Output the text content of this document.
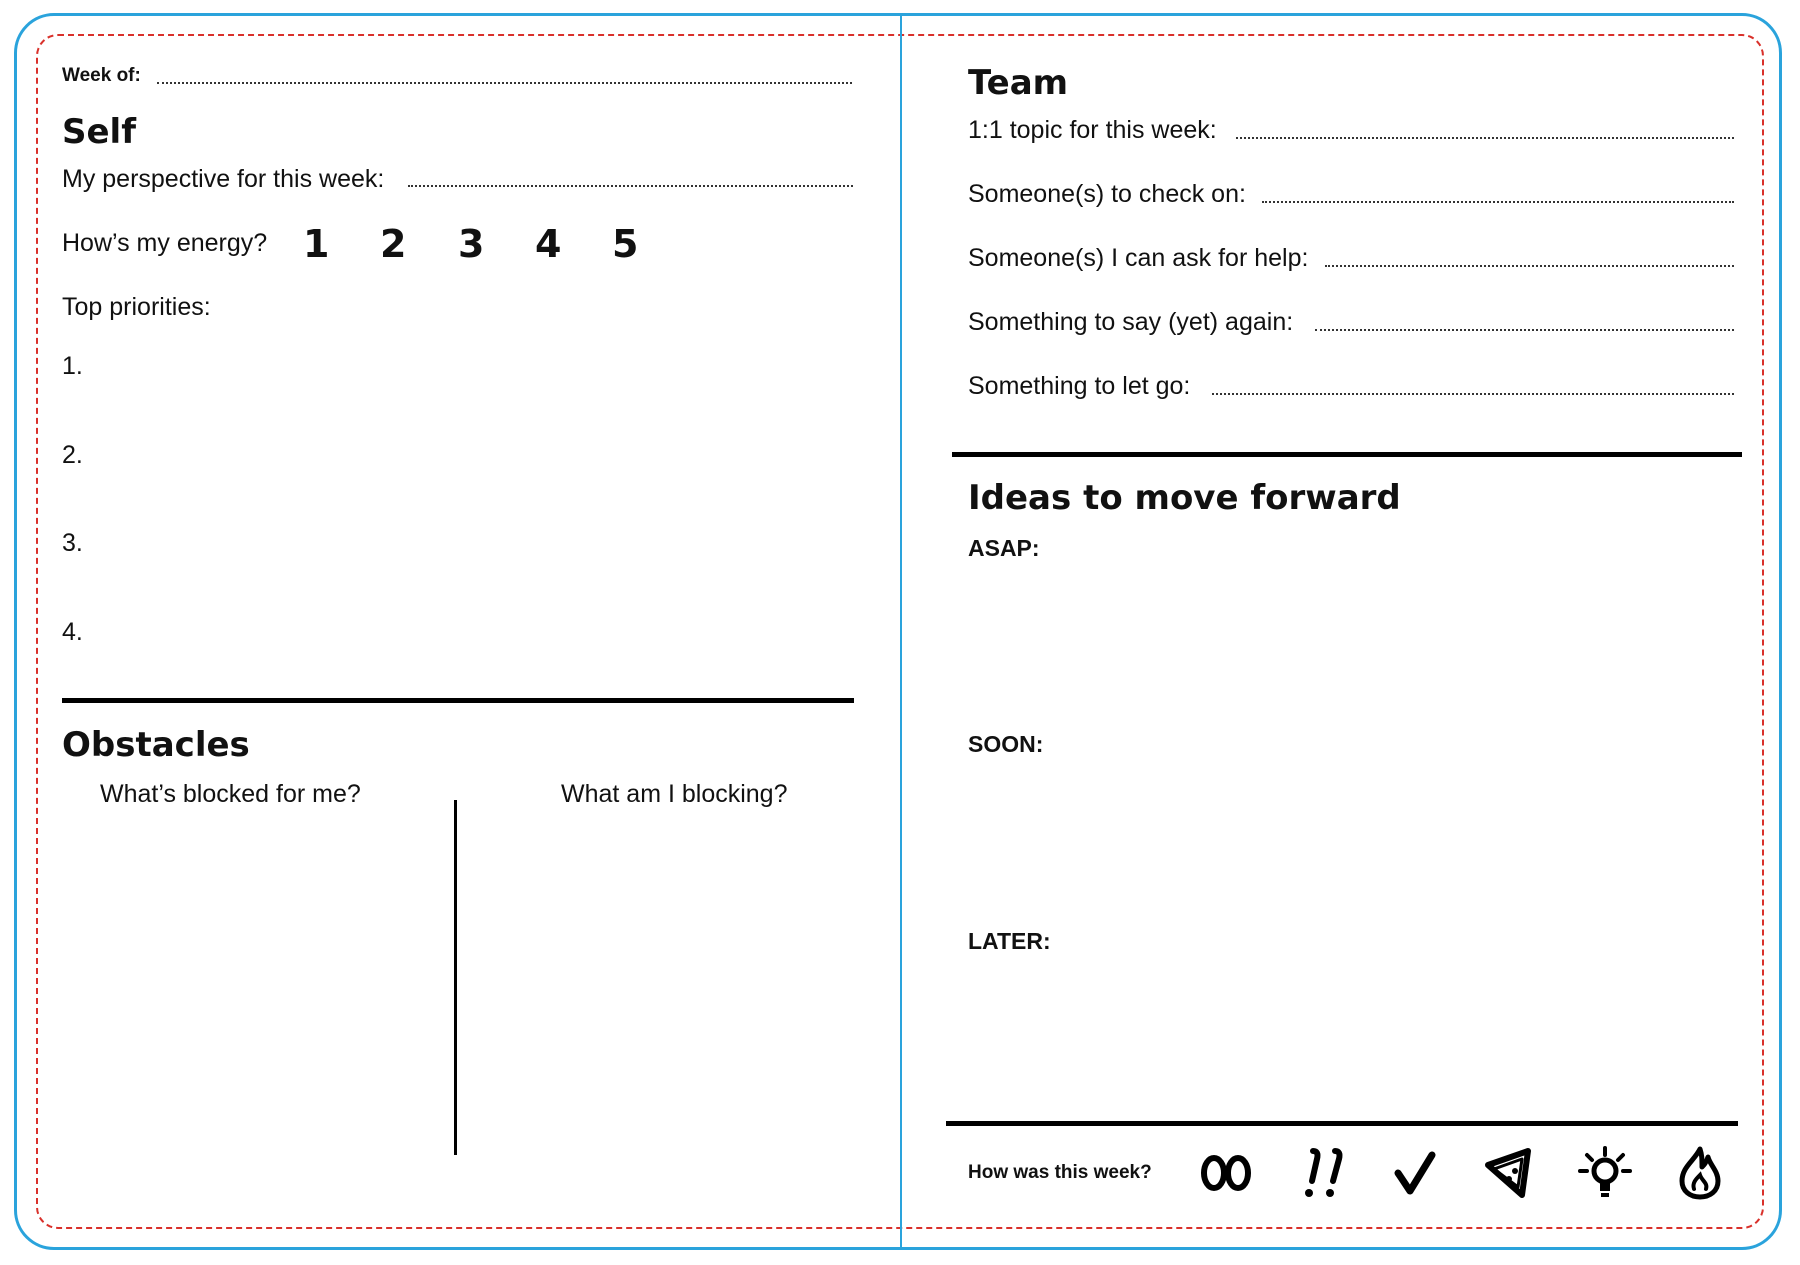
Week of:
Self
My perspective for this week:
How’s my energy? 1 2 3 4 5
Top priorities:
1.
2.
3.
4.
Obstacles
What’s blocked for me?	What am I blocking?
Team
1:1 topic for this week:
Someone(s) to check on:
Someone(s) I can ask for help:
Something to say (yet) again:
Something to let go:
Ideas to move forward
ASAP:
SOON:
LATER:
How was this week?
